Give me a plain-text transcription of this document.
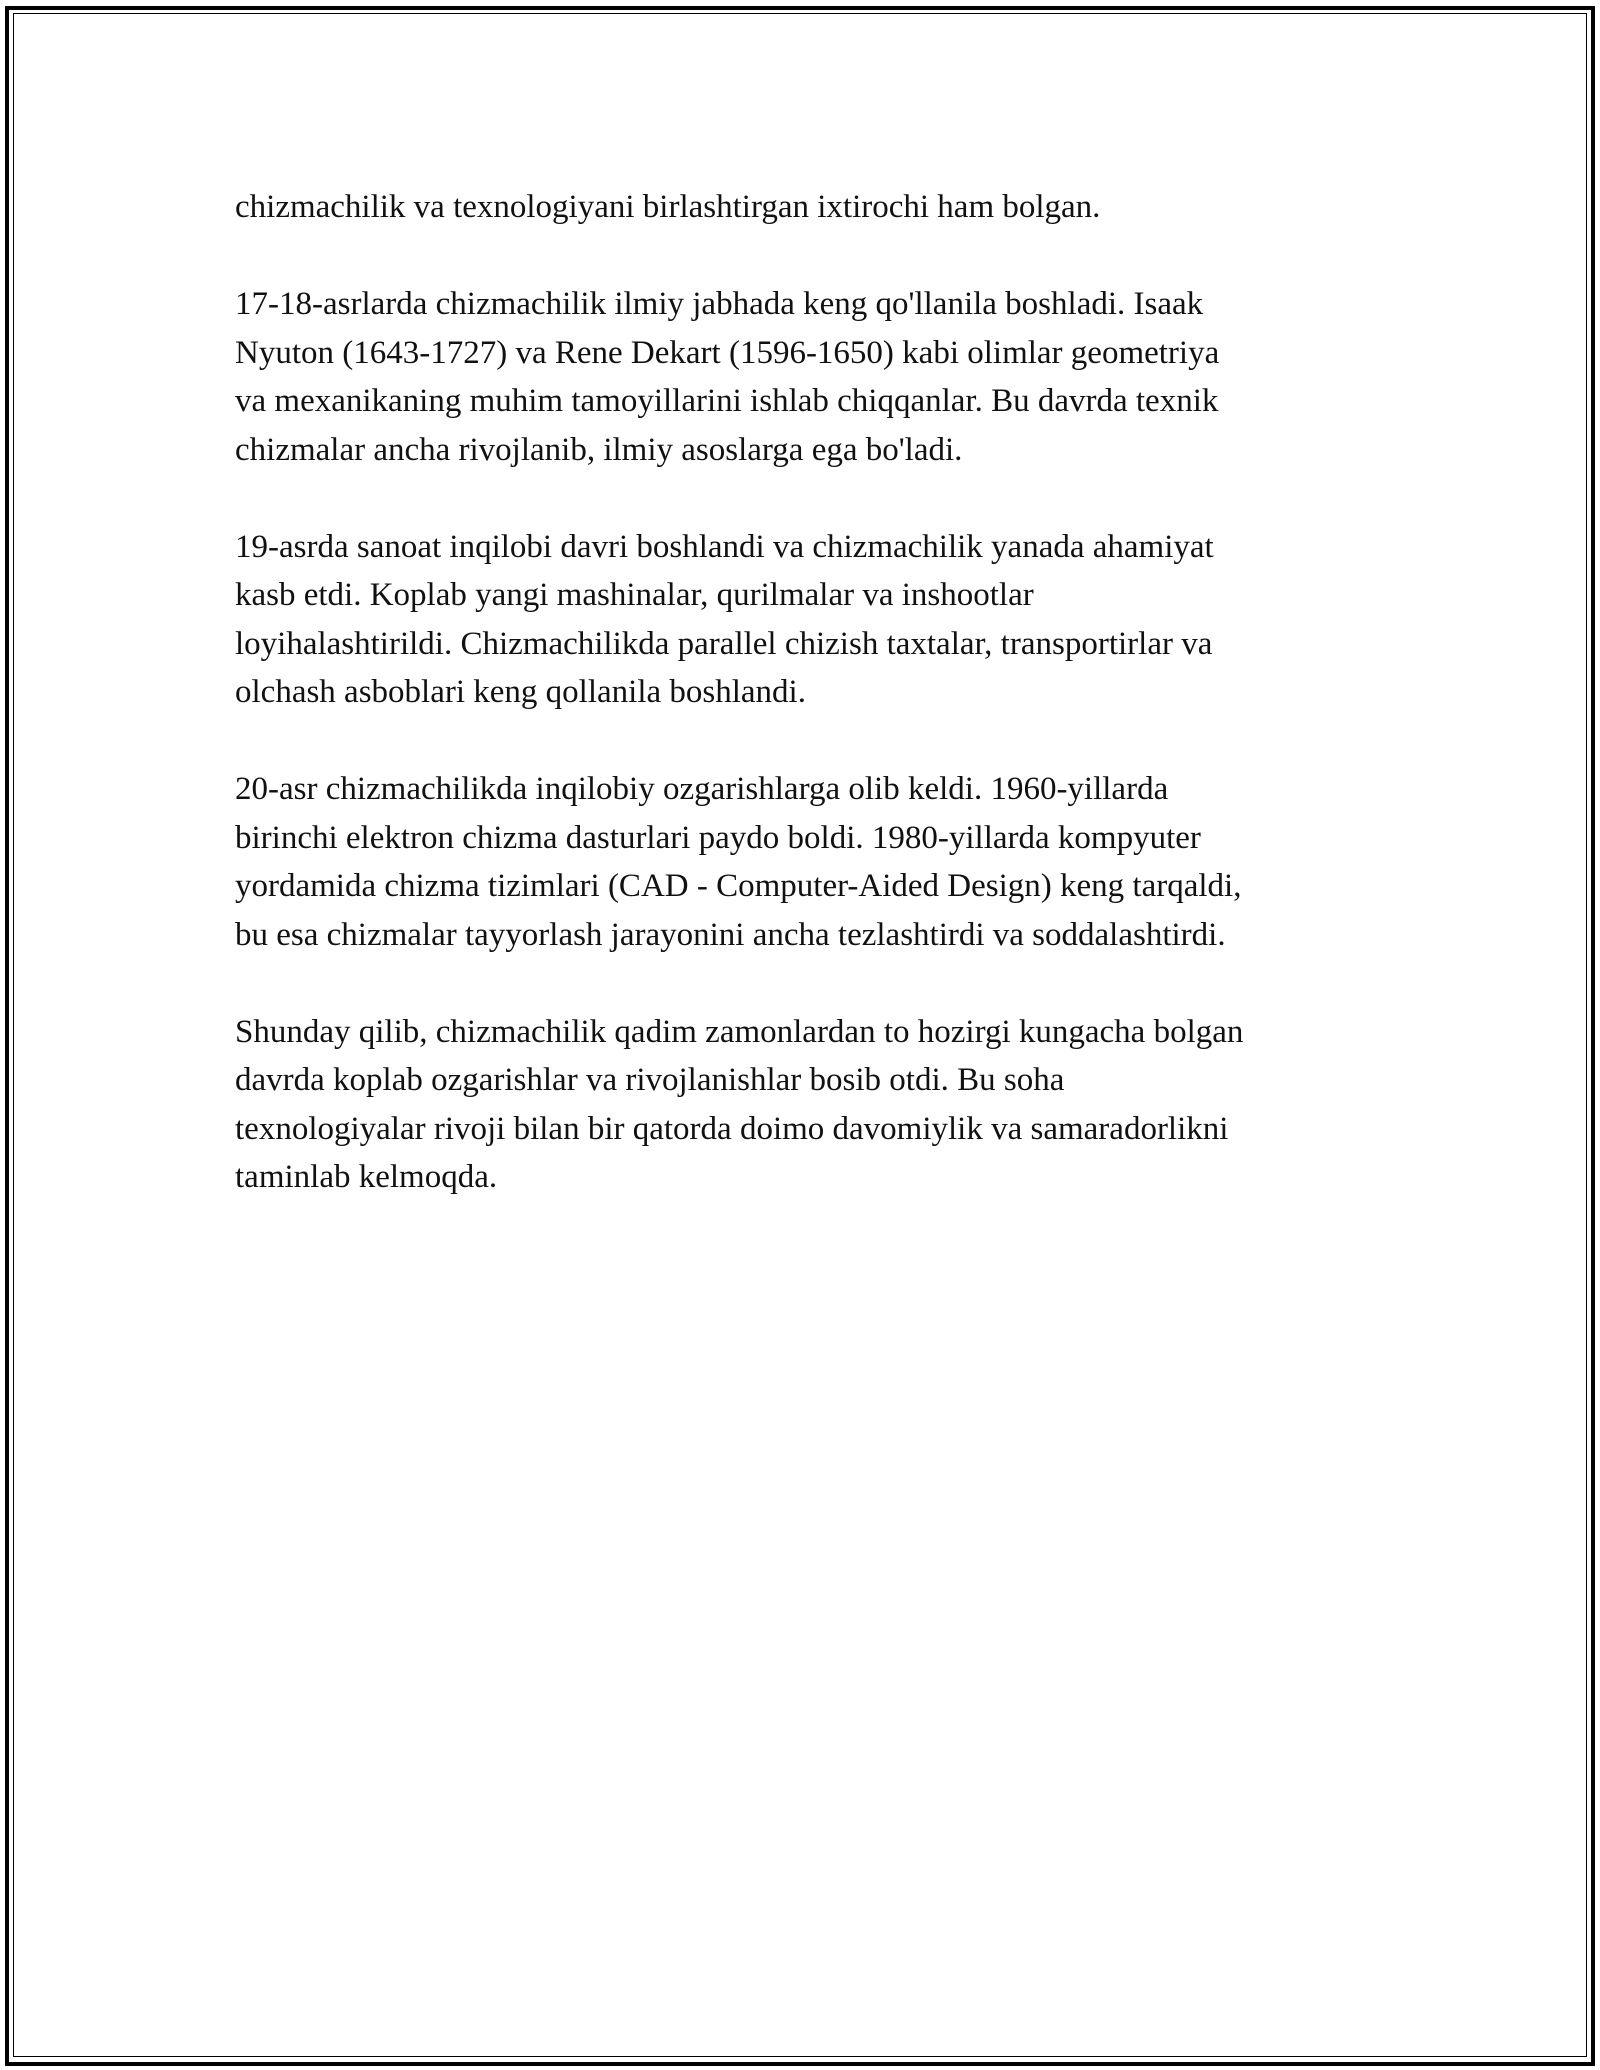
chizmachilik va texnologiyani birlashtirgan ixtirochi ham bolgan.

17-18-asrlarda chizmachilik ilmiy jabhada keng qo'llanila boshladi. Isaak
Nyuton (1643-1727) va Rene Dekart (1596-1650) kabi olimlar geometriya
va mexanikaning muhim tamoyillarini ishlab chiqqanlar. Bu davrda texnik
chizmalar ancha rivojlanib, ilmiy asoslarga ega bo'ladi.

19-asrda sanoat inqilobi davri boshlandi va chizmachilik yanada ahamiyat
kasb etdi. Koplab yangi mashinalar, qurilmalar va inshootlar
loyihalashtirildi. Chizmachilikda parallel chizish taxtalar, transportirlar va
olchash asboblari keng qollanila boshlandi.

20-asr chizmachilikda inqilobiy ozgarishlarga olib keldi. 1960-yillarda
birinchi elektron chizma dasturlari paydo boldi. 1980-yillarda kompyuter
yordamida chizma tizimlari (CAD - Computer-Aided Design) keng tarqaldi,
bu esa chizmalar tayyorlash jarayonini ancha tezlashtirdi va soddalashtirdi.

Shunday qilib, chizmachilik qadim zamonlardan to hozirgi kungacha bolgan
davrda koplab ozgarishlar va rivojlanishlar bosib otdi. Bu soha
texnologiyalar rivoji bilan bir qatorda doimo davomiylik va samaradorlikni
taminlab kelmoqda.
